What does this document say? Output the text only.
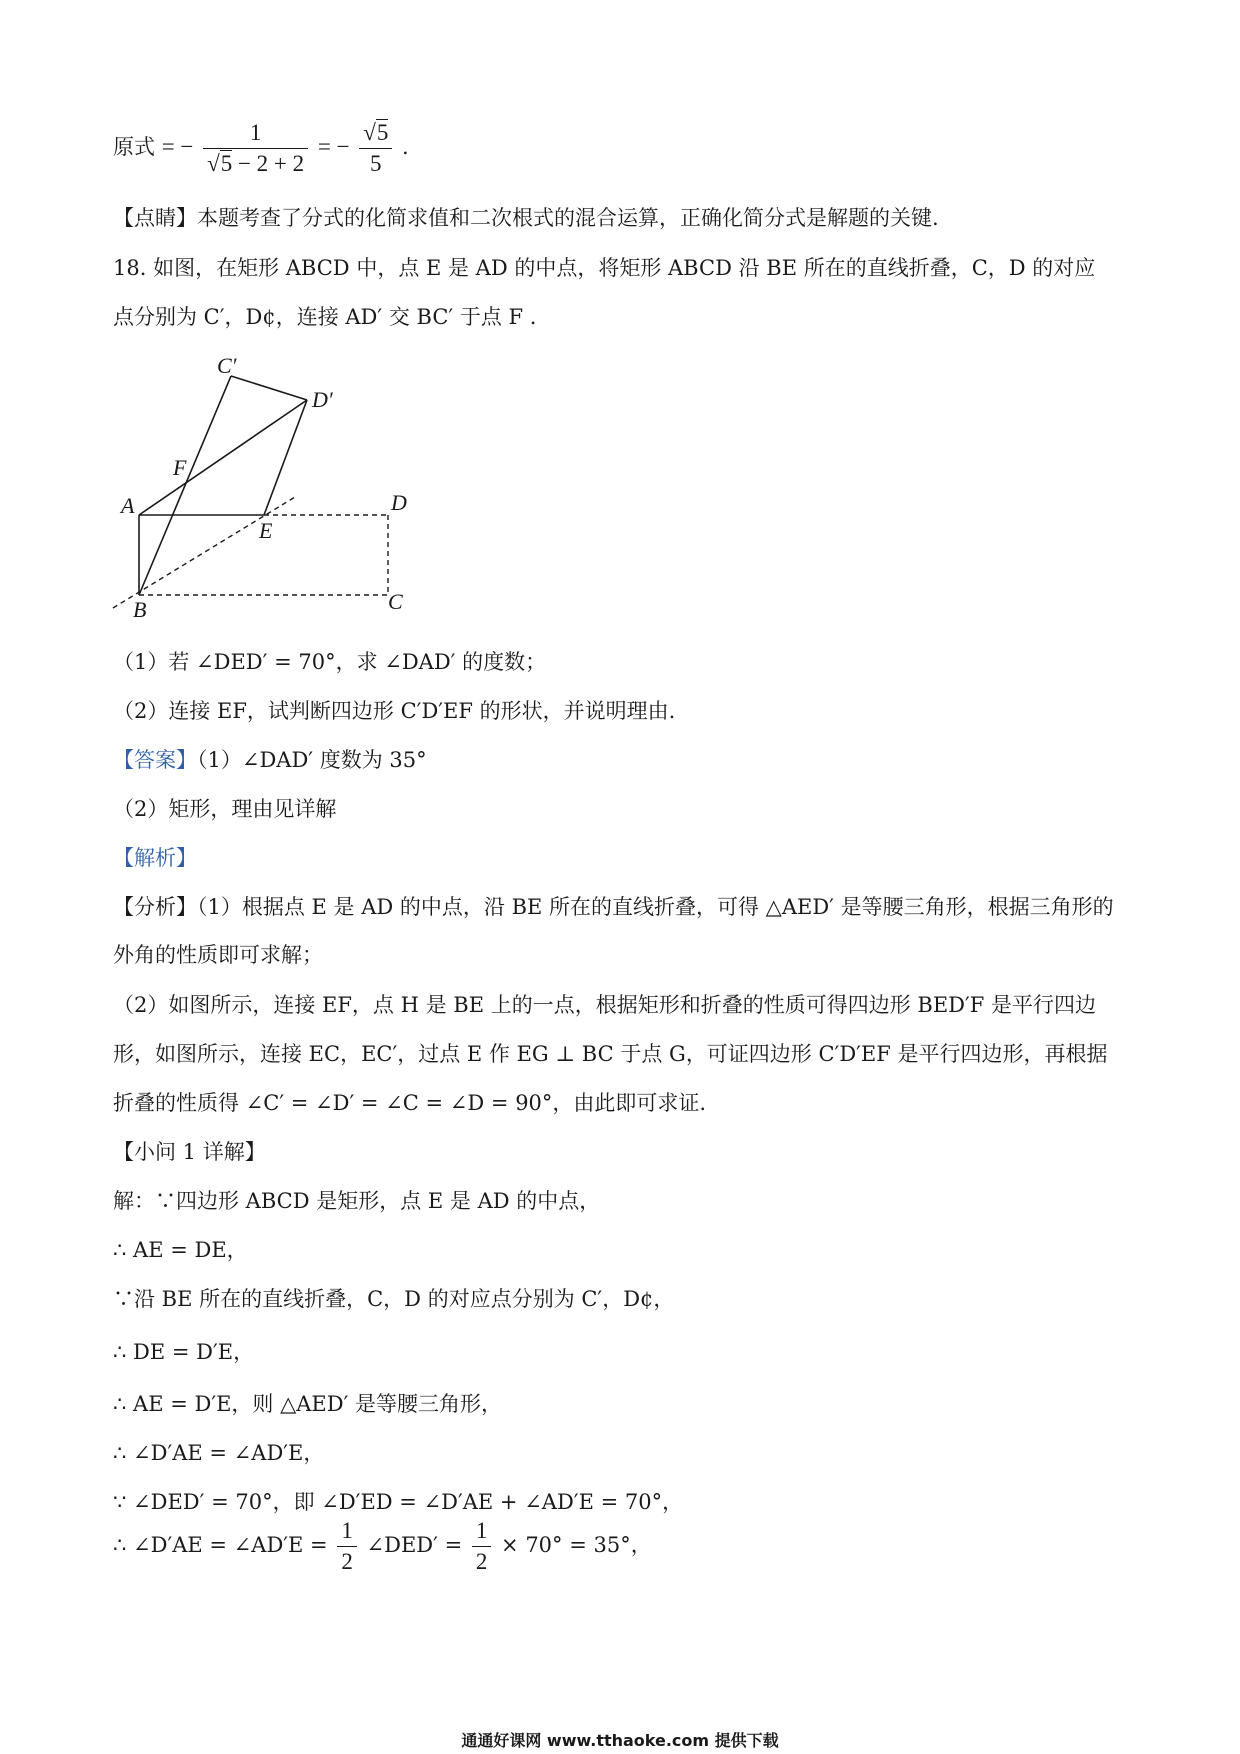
原式 = − $\frac{1}{√5 - 2 + 2}$ = − $\frac{√5}{5}$ .
【点睛】本题考查了分式的化简求值和二次根式的混合运算，正确化简分式是解题的关键.
18. 如图，在矩形 ABCD 中，点 E 是 AD 的中点，将矩形 ABCD 沿 BE 所在的直线折叠，C，D 的对应
点分别为 C′，D¢，连接 AD′ 交 BC′ 于点 F .
C′
D′
F
A
E
D
B	C
（1）若 ∠DED′ = 70°，求 ∠DAD′ 的度数；
（2）连接 EF，试判断四边形 C′D′EF 的形状，并说明理由.
【答案】（1）∠DAD′ 度数为 35°
（2）矩形，理由见详解
【解析】
【分析】（1）根据点 E 是 AD 的中点，沿 BE 所在的直线折叠，可得 △AED′ 是等腰三角形，根据三角形的
外角的性质即可求解；
（2）如图所示，连接 EF，点 H 是 BE 上的一点，根据矩形和折叠的性质可得四边形 BED′F 是平行四边
形，如图所示，连接 EC，EC′，过点 E 作 EG ⊥ BC 于点 G，可证四边形 C′D′EF 是平行四边形，再根据
折叠的性质得 ∠C′ = ∠D′ = ∠C = ∠D = 90°，由此即可求证.
【小问 1 详解】
解：∵四边形 ABCD 是矩形，点 E 是 AD 的中点，
∴ AE = DE，
∵沿 BE 所在的直线折叠，C，D 的对应点分别为 C′，D¢，
∴ DE = D′E，
∴ AE = D′E，则 △AED′ 是等腰三角形，
∴ ∠D′AE = ∠AD′E，
∵ ∠DED′ = 70°，即 ∠D′ED = ∠D′AE + ∠AD′E = 70°，
∴ ∠D′AE = ∠AD′E = $\frac{1}{2}$ ∠DED′ = $\frac{1}{2} \times 70^\circ = 35^\circ$，
通通好课网 www.tthaoke.com 提供下载
